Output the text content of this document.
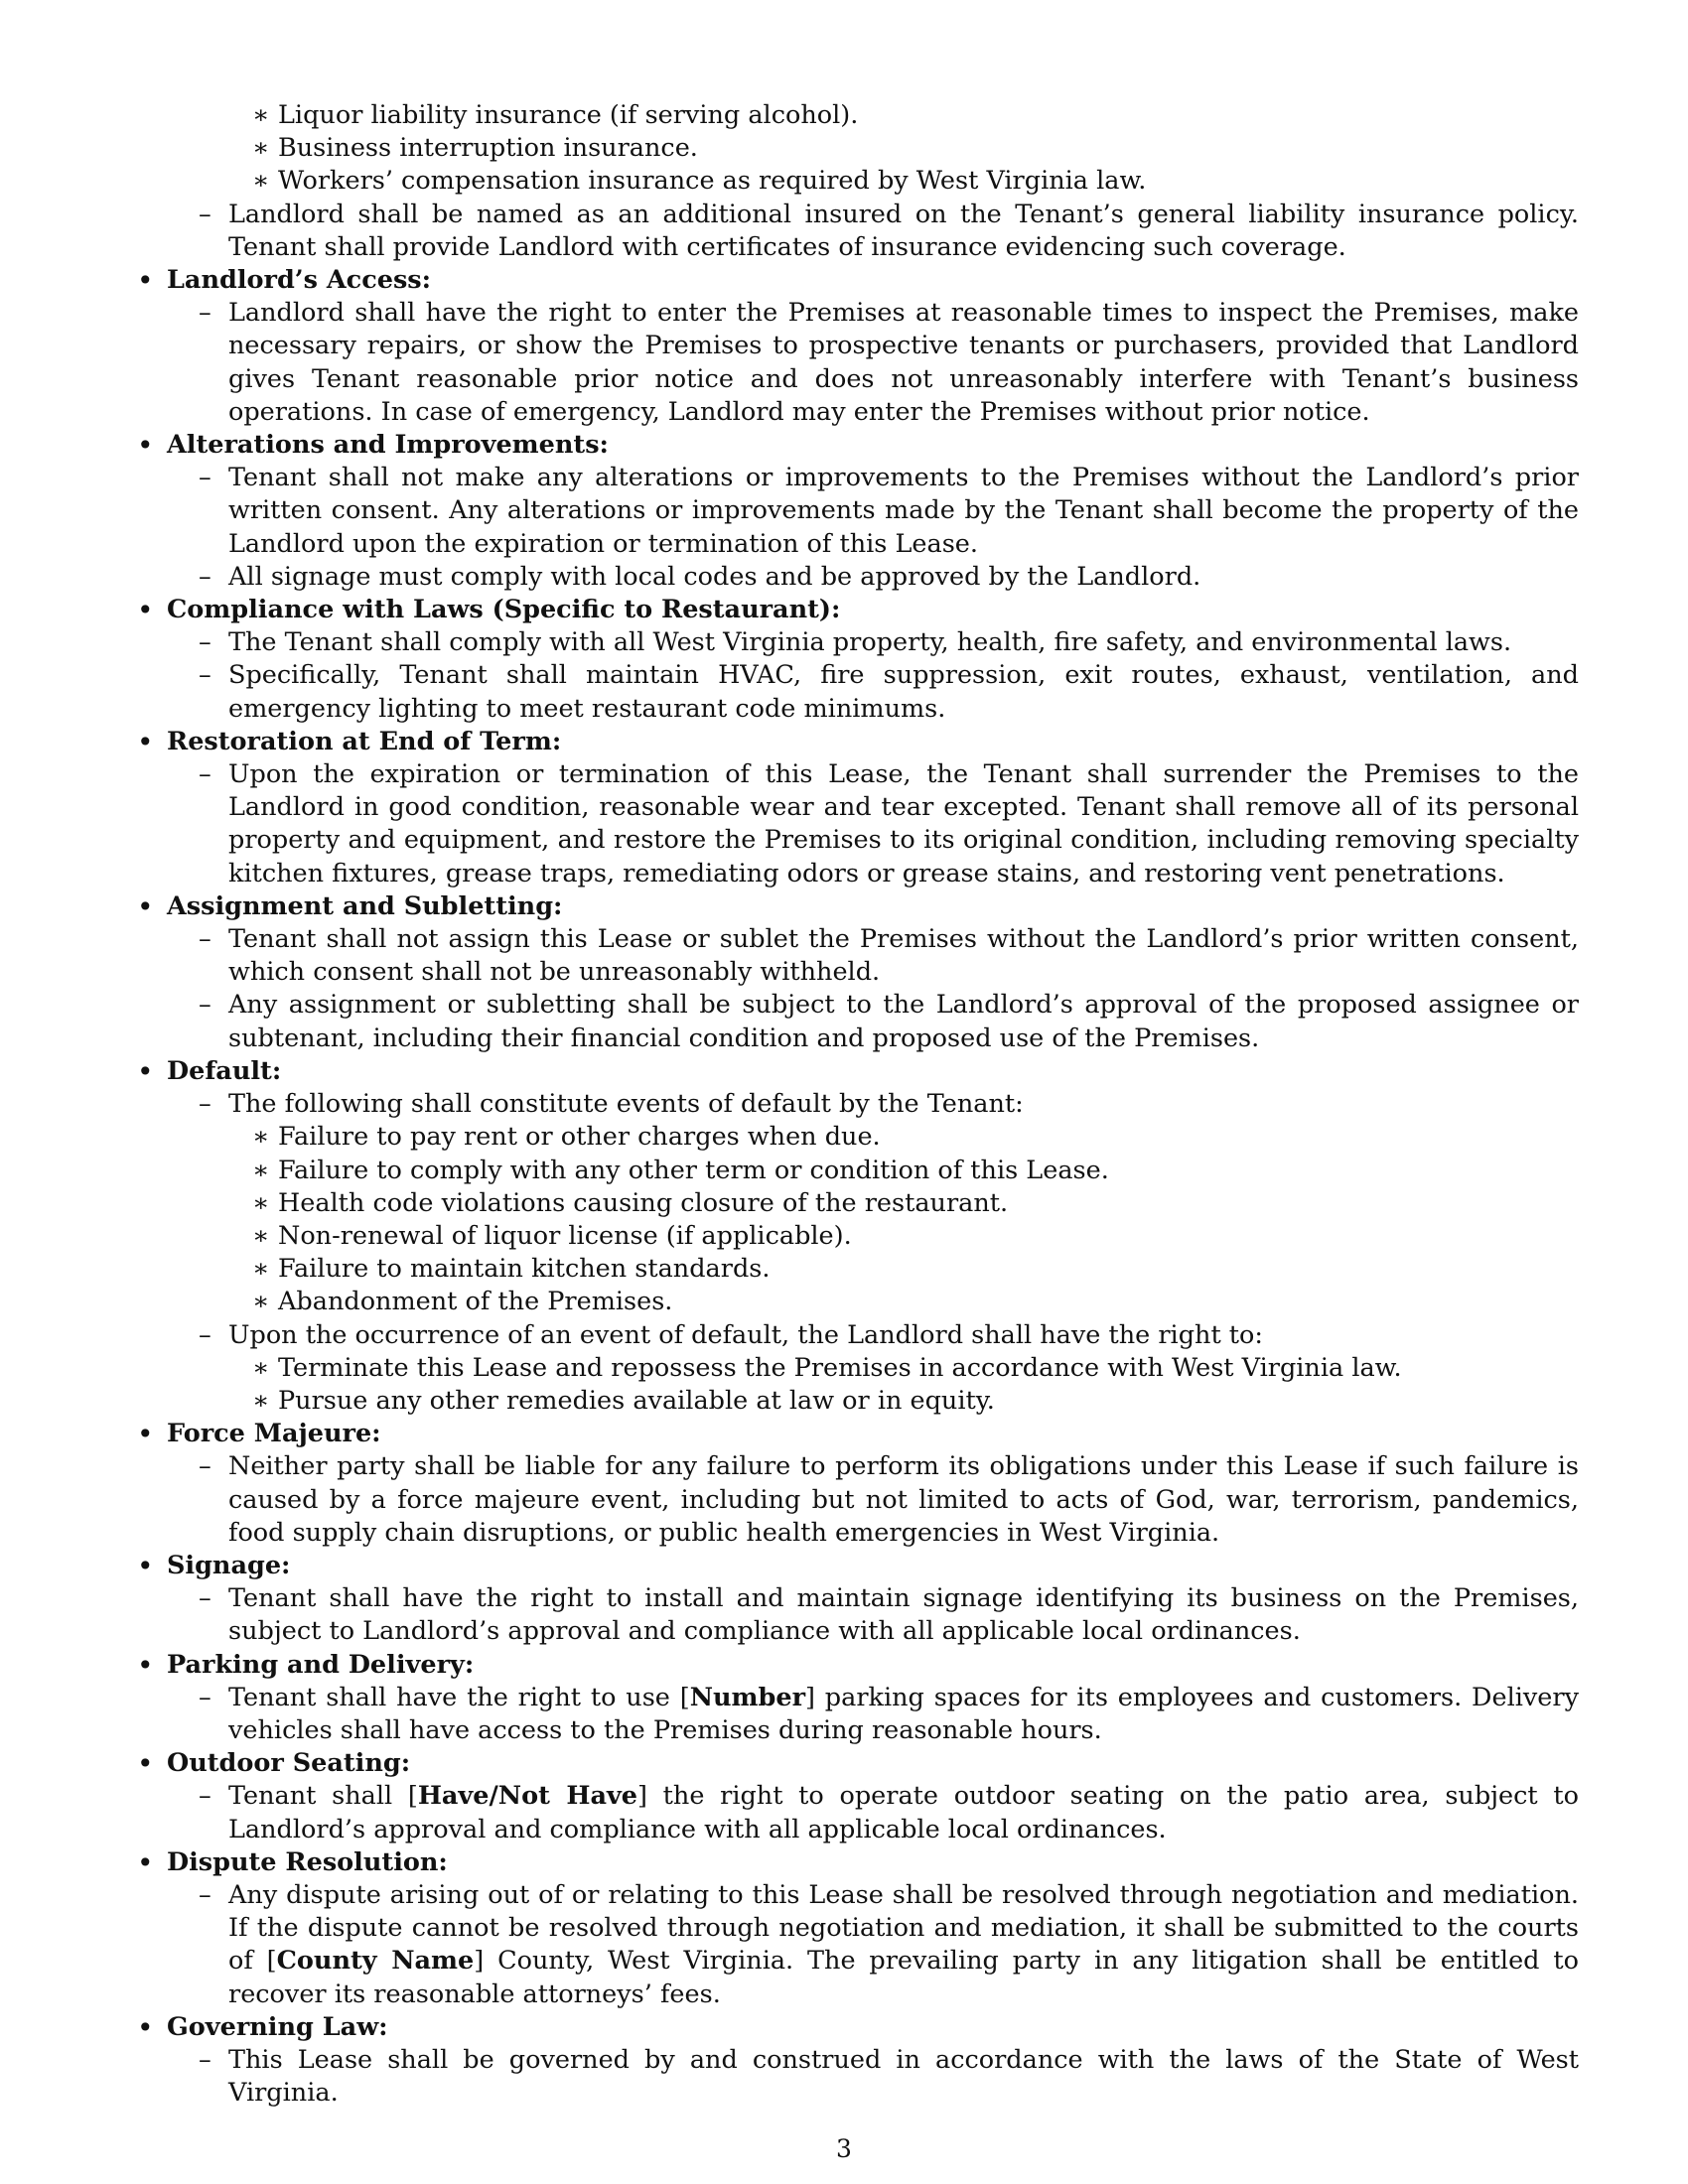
∗ Liquor liability insurance (if serving alcohol).
∗ Business interruption insurance.
∗ Workers’ compensation insurance as required by West Virginia law.
– Landlord shall be named as an additional insured on the Tenant’s general liability insurance policy. Tenant shall provide Landlord with certificates of insurance evidencing such coverage.
• Landlord’s Access:
– Landlord shall have the right to enter the Premises at reasonable times to inspect the Premises, make necessary repairs, or show the Premises to prospective tenants or purchasers, provided that Landlord gives Tenant reasonable prior notice and does not unreasonably interfere with Tenant’s business operations. In case of emergency, Landlord may enter the Premises without prior notice.
• Alterations and Improvements:
– Tenant shall not make any alterations or improvements to the Premises without the Landlord’s prior written consent. Any alterations or improvements made by the Tenant shall become the property of the Landlord upon the expiration or termination of this Lease.
– All signage must comply with local codes and be approved by the Landlord.
• Compliance with Laws (Specific to Restaurant):
– The Tenant shall comply with all West Virginia property, health, fire safety, and environmental laws.
– Specifically, Tenant shall maintain HVAC, fire suppression, exit routes, exhaust, ventilation, and emergency lighting to meet restaurant code minimums.
• Restoration at End of Term:
– Upon the expiration or termination of this Lease, the Tenant shall surrender the Premises to the Landlord in good condition, reasonable wear and tear excepted. Tenant shall remove all of its personal property and equipment, and restore the Premises to its original condition, including removing specialty kitchen fixtures, grease traps, remediating odors or grease stains, and restoring vent penetrations.
• Assignment and Subletting:
– Tenant shall not assign this Lease or sublet the Premises without the Landlord’s prior written consent, which consent shall not be unreasonably withheld.
– Any assignment or subletting shall be subject to the Landlord’s approval of the proposed assignee or subtenant, including their financial condition and proposed use of the Premises.
• Default:
– The following shall constitute events of default by the Tenant:
∗ Failure to pay rent or other charges when due.
∗ Failure to comply with any other term or condition of this Lease.
∗ Health code violations causing closure of the restaurant.
∗ Non-renewal of liquor license (if applicable).
∗ Failure to maintain kitchen standards.
∗ Abandonment of the Premises.
– Upon the occurrence of an event of default, the Landlord shall have the right to:
∗ Terminate this Lease and repossess the Premises in accordance with West Virginia law.
∗ Pursue any other remedies available at law or in equity.
• Force Majeure:
– Neither party shall be liable for any failure to perform its obligations under this Lease if such failure is caused by a force majeure event, including but not limited to acts of God, war, terrorism, pandemics, food supply chain disruptions, or public health emergencies in West Virginia.
• Signage:
– Tenant shall have the right to install and maintain signage identifying its business on the Premises, subject to Landlord’s approval and compliance with all applicable local ordinances.
• Parking and Delivery:
– Tenant shall have the right to use [Number] parking spaces for its employees and customers. Delivery vehicles shall have access to the Premises during reasonable hours.
• Outdoor Seating:
– Tenant shall [Have/Not Have] the right to operate outdoor seating on the patio area, subject to Landlord’s approval and compliance with all applicable local ordinances.
• Dispute Resolution:
– Any dispute arising out of or relating to this Lease shall be resolved through negotiation and mediation. If the dispute cannot be resolved through negotiation and mediation, it shall be submitted to the courts of [County Name] County, West Virginia. The prevailing party in any litigation shall be entitled to recover its reasonable attorneys’ fees.
• Governing Law:
– This Lease shall be governed by and construed in accordance with the laws of the State of West Virginia.
3
